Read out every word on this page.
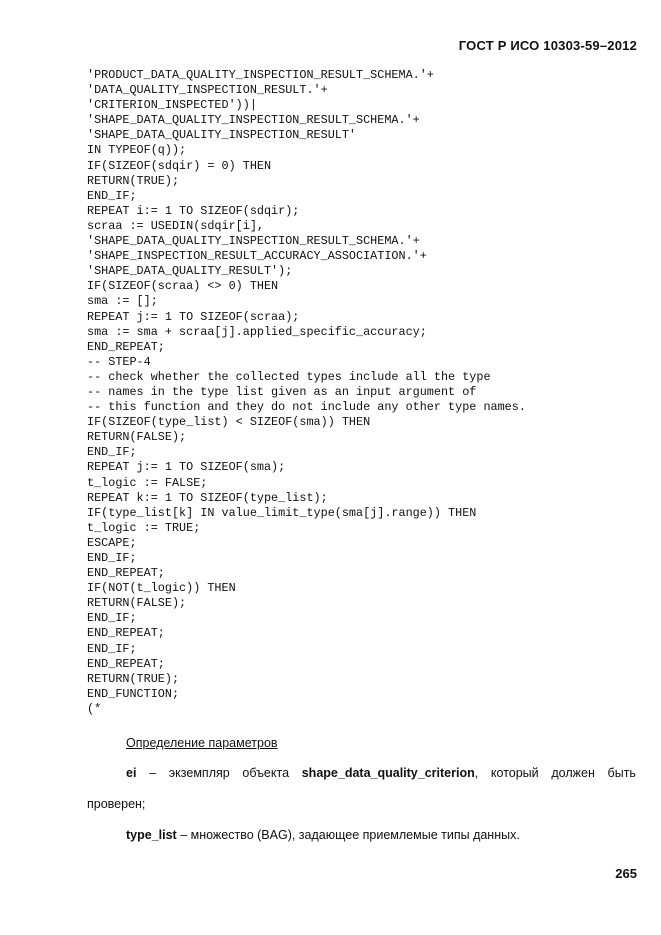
ГОСТ Р ИСО 10303-59–2012
'PRODUCT_DATA_QUALITY_INSPECTION_RESULT_SCHEMA.'+
'DATA_QUALITY_INSPECTION_RESULT.'+
'CRITERION_INSPECTED'))|
'SHAPE_DATA_QUALITY_INSPECTION_RESULT_SCHEMA.'+
'SHAPE_DATA_QUALITY_INSPECTION_RESULT'
IN TYPEOF(q));
IF(SIZEOF(sdqir) = 0) THEN
RETURN(TRUE);
END_IF;
REPEAT i:= 1 TO SIZEOF(sdqir);
scraa := USEDIN(sdqir[i],
'SHAPE_DATA_QUALITY_INSPECTION_RESULT_SCHEMA.'+
'SHAPE_INSPECTION_RESULT_ACCURACY_ASSOCIATION.'+
'SHAPE_DATA_QUALITY_RESULT');
IF(SIZEOF(scraa) <> 0) THEN
sma := [];
REPEAT j:= 1 TO SIZEOF(scraa);
sma := sma + scraa[j].applied_specific_accuracy;
END_REPEAT;
-- STEP-4
-- check whether the collected types include all the type
-- names in the type list given as an input argument of
-- this function and they do not include any other type names.
IF(SIZEOF(type_list) < SIZEOF(sma)) THEN
RETURN(FALSE);
END_IF;
REPEAT j:= 1 TO SIZEOF(sma);
t_logic := FALSE;
REPEAT k:= 1 TO SIZEOF(type_list);
IF(type_list[k] IN value_limit_type(sma[j].range)) THEN
t_logic := TRUE;
ESCAPE;
END_IF;
END_REPEAT;
IF(NOT(t_logic)) THEN
RETURN(FALSE);
END_IF;
END_REPEAT;
END_IF;
END_REPEAT;
RETURN(TRUE);
END_FUNCTION;
(*
Определение параметров
ei – экземпляр объекта shape_data_quality_criterion, который должен быть
проверен;
type_list – множество (BAG), задающее приемлемые типы данных.
265
